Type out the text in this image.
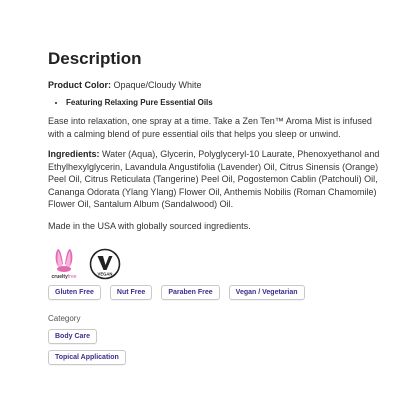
Description
Product Color: Opaque/Cloudy White
• Featuring Relaxing Pure Essential Oils

Ease into relaxation, one spray at a time. Take a Zen Ten™ Aroma Mist is infused with a calming blend of pure essential oils that helps you sleep or unwind.

Ingredients: Water (Aqua), Glycerin, Polyglyceryl-10 Laurate, Phenoxyethanol and Ethylhexylglycerin, Lavandula Angustifolia (Lavender) Oil, Citrus Sinensis (Orange) Peel Oil, Citrus Reticulata (Tangerine) Peel Oil, Pogostemon Cablin (Patchouli) Oil, Cananga Odorata (Ylang Ylang) Flower Oil, Anthemis Nobilis (Roman Chamomile) Flower Oil, Santalum Album (Sandalwood) Oil.

Made in the USA with globally sourced ingredients.

crueltyfree	VEGAN
Gluten Free	Nut Free	Paraben Free	Vegan / Vegetarian
Category
Body Care
Topical Application
